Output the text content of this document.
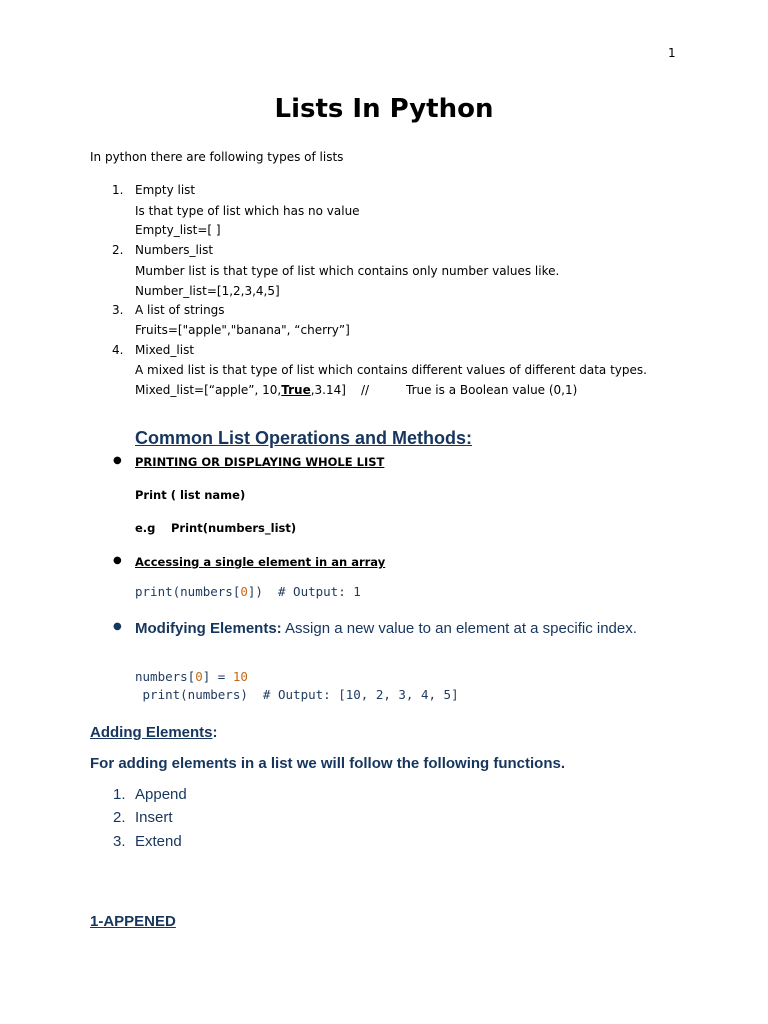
1
Lists In Python
In python there are following types of lists
1. Empty list
Is that type of list which has no value
Empty_list=[ ]
2. Numbers_list
Mumber list is that type of list which contains only number values like.
Number_list=[1,2,3,4,5]
3. A list of strings
Fruits=["apple","banana", “cherry”]
4. Mixed_list
A mixed list is that type of list which contains different values of different data types.
Mixed_list=[“apple”, 10,True,3.14] //	True is a Boolean value (0,1)
Common List Operations and Methods:
● PRINTING OR DISPLAYING WHOLE LIST
Print ( list name)
e.g Print(numbers_list)
● Accessing a single element in an array
print(numbers[0])  # Output: 1
● Modifying Elements: Assign a new value to an element at a specific index.
numbers[0] = 10
print(numbers)  # Output: [10, 2, 3, 4, 5]
Adding Elements:
For adding elements in a list we will follow the following functions.
1. Append
2. Insert
3. Extend
1-APPENED
